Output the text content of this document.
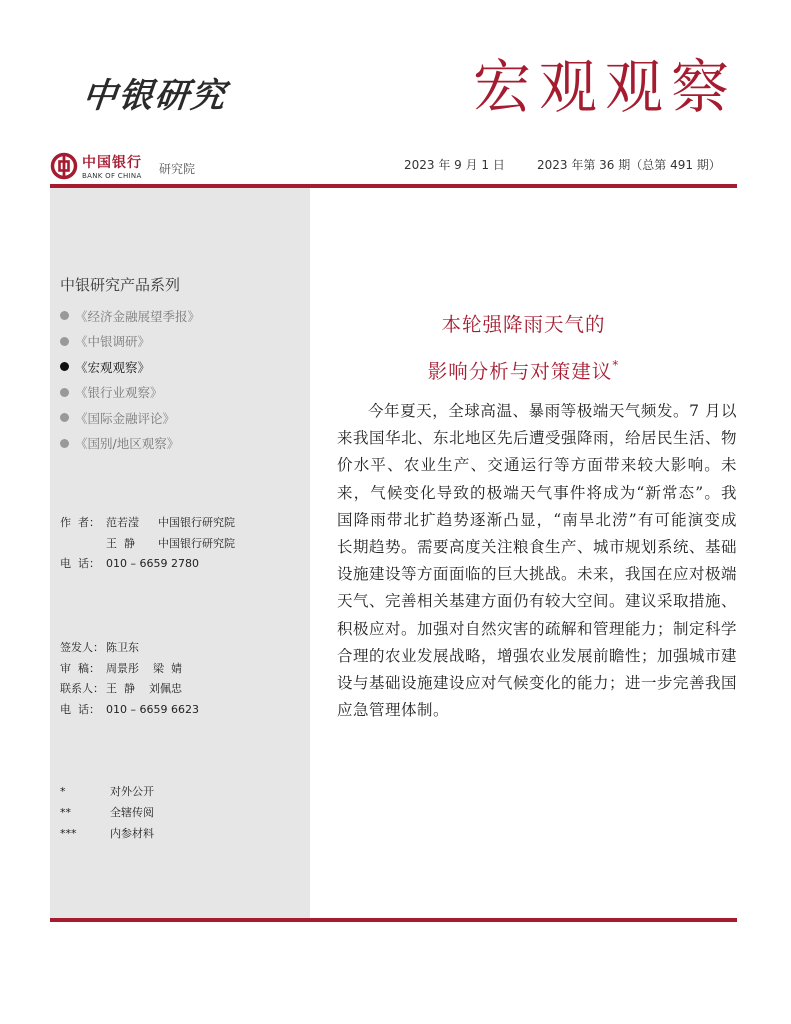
中银研究	宏观观察
中国银行
BANK OF CHINA 研究院	2023 年 9 月 1 日	2023 年第 36 期（总第 491 期）
中银研究产品系列
《经济金融展望季报》
《中银调研》
《宏观观察》
《银行业观察》
《国际金融评论》
《国别/地区观察》
作  者： 范若滢	中国银行研究院
王  静	中国银行研究院
电  话： 010 – 6659 2780
签发人： 陈卫东
审  稿： 周景彤    梁  婧
联系人： 王  静    刘佩忠
电  话： 010 – 6659 6623
*	对外公开
**	全辖传阅
***	内参材料
本轮强降雨天气的
影响分析与对策建议*

今年夏天，全球高温、暴雨等极端天气频发。7 月以来我国华北、东北地区先后遭受强降雨，给居民生活、物价水平、农业生产、交通运行等方面带来较大影响。未来，气候变化导致的极端天气事件将成为“新常态”。我国降雨带北扩趋势逐渐凸显，“南旱北涝”有可能演变成长期趋势。需要高度关注粮食生产、城市规划系统、基础设施建设等方面面临的巨大挑战。未来，我国在应对极端天气、完善相关基建方面仍有较大空间。建议采取措施、积极应对。加强对自然灾害的疏解和管理能力；制定科学合理的农业发展战略，增强农业发展前瞻性；加强城市建设与基础设施建设应对气候变化的能力；进一步完善我国应急管理体制。
